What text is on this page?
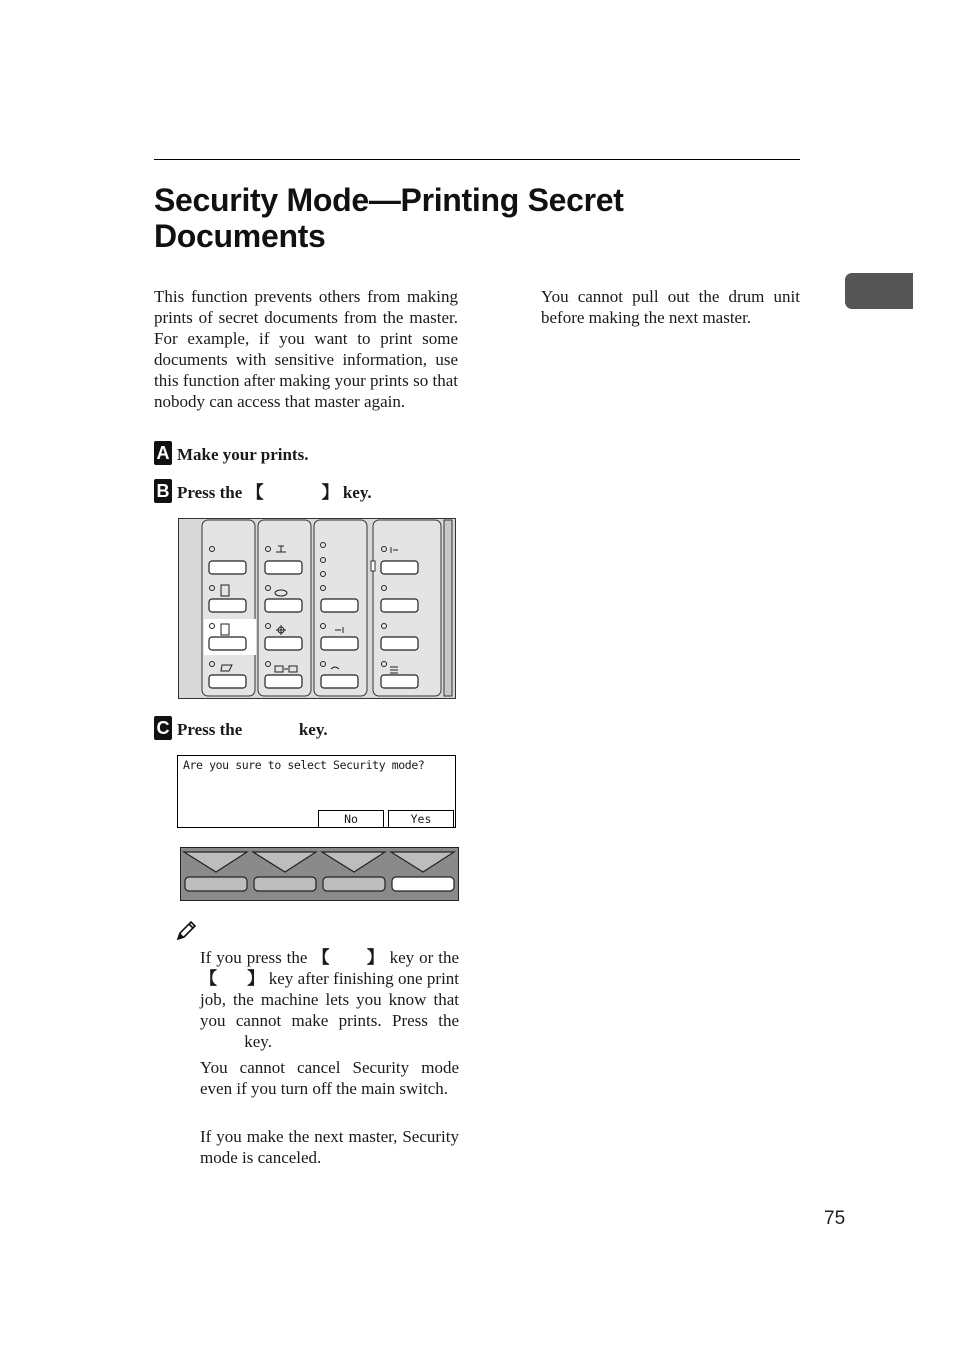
Security Mode—Printing Secret Documents

This function prevents others from making prints of secret documents from the master. For example, if you want to print some documents with sensitive information, use this function after making your prints so that nobody can access that master again.

You cannot pull out the drum unit before making the next master.

A Make your prints.
B Press the 【	】 key.
C Press the	key.
Are you sure to select Security mode?
No	Yes

If you press the 【 】 key or the 【 】 key after finishing one print job, the machine lets you know that you cannot make prints. Press the  key.

You cannot cancel Security mode even if you turn off the main switch.

If you make the next master, Security mode is canceled.

75
